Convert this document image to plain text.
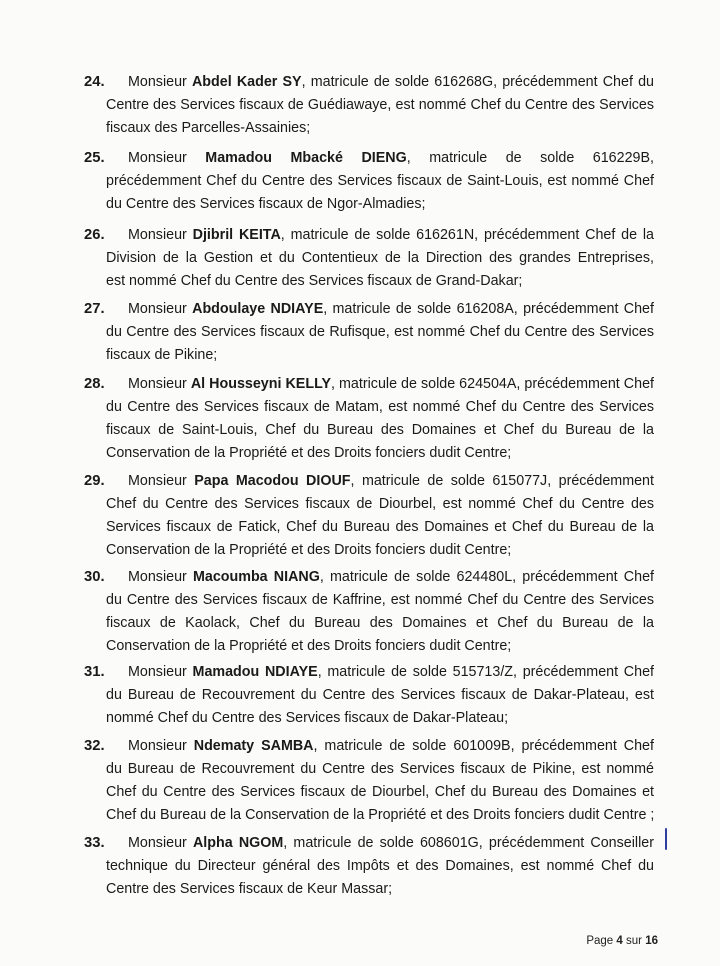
24. Monsieur Abdel Kader SY, matricule de solde 616268G, précédemment Chef du
Centre des Services fiscaux de Guédiawaye, est nommé Chef du Centre des Services
fiscaux des Parcelles-Assainies;
25. Monsieur Mamadou Mbacké DIENG, matricule de solde 616229B,
précédemment Chef du Centre des Services fiscaux de Saint-Louis, est nommé Chef
du Centre des Services fiscaux de Ngor-Almadies;
26. Monsieur Djibril KEITA, matricule de solde 616261N, précédemment Chef de la
Division de la Gestion et du Contentieux de la Direction des grandes Entreprises,
est nommé Chef du Centre des Services fiscaux de Grand-Dakar;
27. Monsieur Abdoulaye NDIAYE, matricule de solde 616208A, précédemment Chef
du Centre des Services fiscaux de Rufisque, est nommé Chef du Centre des Services
fiscaux de Pikine;
28. Monsieur Al Housseyni KELLY, matricule de solde 624504A, précédemment Chef
du Centre des Services fiscaux de Matam, est nommé Chef du Centre des Services
fiscaux de Saint-Louis, Chef du Bureau des Domaines et Chef du Bureau de la
Conservation de la Propriété et des Droits fonciers dudit Centre;
29. Monsieur Papa Macodou DIOUF, matricule de solde 615077J, précédemment
Chef du Centre des Services fiscaux de Diourbel, est nommé Chef du Centre des
Services fiscaux de Fatick, Chef du Bureau des Domaines et Chef du Bureau de la
Conservation de la Propriété et des Droits fonciers dudit Centre;
30. Monsieur Macoumba NIANG, matricule de solde 624480L, précédemment Chef
du Centre des Services fiscaux de Kaffrine, est nommé Chef du Centre des Services
fiscaux de Kaolack, Chef du Bureau des Domaines et Chef du Bureau de la
Conservation de la Propriété et des Droits fonciers dudit Centre;
31. Monsieur Mamadou NDIAYE, matricule de solde 515713/Z, précédemment Chef
du Bureau de Recouvrement du Centre des Services fiscaux de Dakar-Plateau, est
nommé Chef du Centre des Services fiscaux de Dakar-Plateau;
32. Monsieur Ndematy SAMBA, matricule de solde 601009B, précédemment Chef
du Bureau de Recouvrement du Centre des Services fiscaux de Pikine, est nommé
Chef du Centre des Services fiscaux de Diourbel, Chef du Bureau des Domaines et
Chef du Bureau de la Conservation de la Propriété et des Droits fonciers dudit Centre ;
33. Monsieur Alpha NGOM, matricule de solde 608601G, précédemment Conseiller
technique du Directeur général des Impôts et des Domaines, est nommé Chef du
Centre des Services fiscaux de Keur Massar;
Page 4 sur 16
